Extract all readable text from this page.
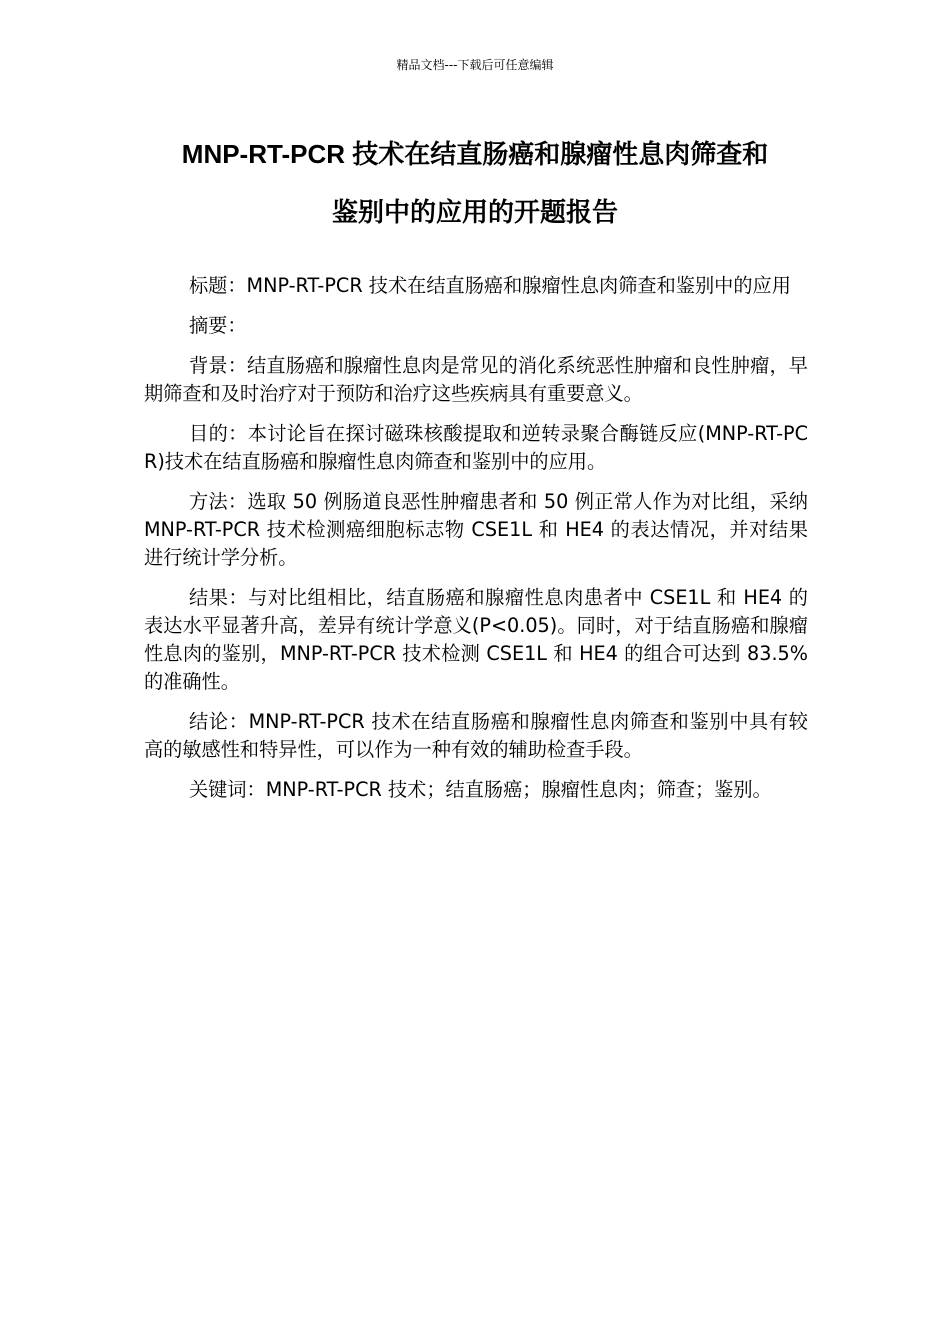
精品文档---下载后可任意编辑
MNP-RT-PCR 技术在结直肠癌和腺瘤性息肉筛查和
鉴别中的应用的开题报告

标题：MNP-RT-PCR 技术在结直肠癌和腺瘤性息肉筛查和鉴别中的应用

摘要：

背景：结直肠癌和腺瘤性息肉是常见的消化系统恶性肿瘤和良性肿瘤，早期筛查和及时治疗对于预防和治疗这些疾病具有重要意义。

目的：本讨论旨在探讨磁珠核酸提取和逆转录聚合酶链反应(MNP-RT-PCR)技术在结直肠癌和腺瘤性息肉筛查和鉴别中的应用。

方法：选取 50 例肠道良恶性肿瘤患者和 50 例正常人作为对比组，采纳 MNP-RT-PCR 技术检测癌细胞标志物 CSE1L 和 HE4 的表达情况，并对结果进行统计学分析。

结果：与对比组相比，结直肠癌和腺瘤性息肉患者中 CSE1L 和 HE4 的表达水平显著升高，差异有统计学意义(P<0.05)。同时，对于结直肠癌和腺瘤性息肉的鉴别，MNP-RT-PCR 技术检测 CSE1L 和 HE4 的组合可达到 83.5%的准确性。

结论：MNP-RT-PCR 技术在结直肠癌和腺瘤性息肉筛查和鉴别中具有较高的敏感性和特异性，可以作为一种有效的辅助检查手段。

关键词：MNP-RT-PCR 技术；结直肠癌；腺瘤性息肉；筛查；鉴别。
